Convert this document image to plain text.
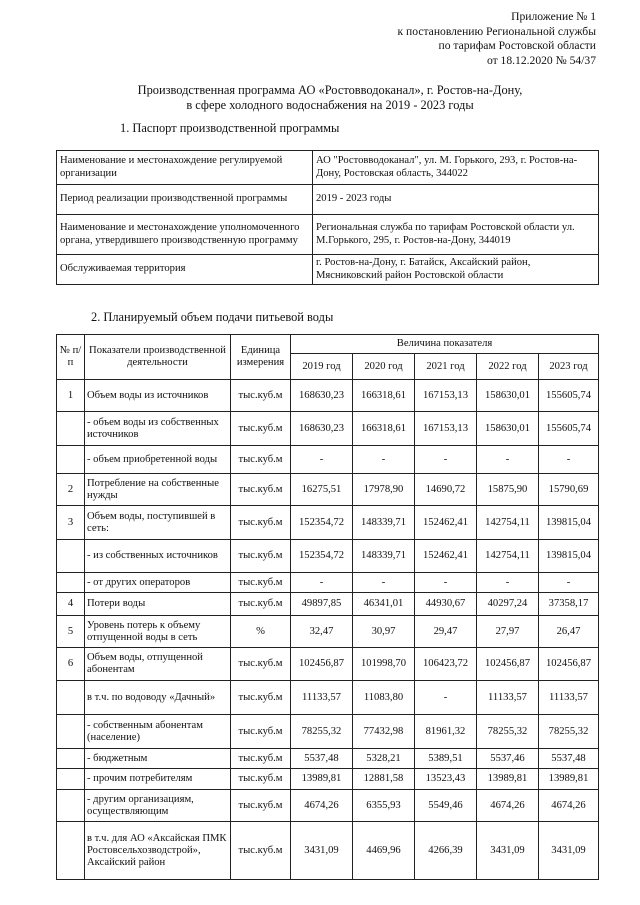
Приложение № 1
к постановлению Региональной службы
по тарифам Ростовской области
от 18.12.2020 № 54/37
Производственная программа АО «Ростовводоканал», г. Ростов-на-Дону,
в сфере холодного водоснабжения на 2019 - 2023 годы
1. Паспорт производственной программы
Наименование и местонахождение регулируемой организации	АО "Ростовводоканал", ул. М. Горького, 293, г. Ростов-на-Дону, Ростовская область, 344022
Период реализации производственной программы	2019 - 2023 годы
Наименование и местонахождение уполномоченного органа, утвердившего производственную программу	Региональная служба по тарифам Ростовской области ул. М.Горького, 295, г. Ростов-на-Дону, 344019
Обслуживаемая территория	г. Ростов-на-Дону, г. Батайск, Аксайский район, Мясниковский район Ростовской области
2. Планируемый объем подачи питьевой воды
№ п/п	Показатели производственной деятельности	Единица измерения	Величина показателя				
			2019 год	2020 год	2021 год	2022 год	2023 год
1	Объем воды из источников	тыс.куб.м	168630,23	166318,61	167153,13	158630,01	155605,74
	- объем воды из собственных источников	тыс.куб.м	168630,23	166318,61	167153,13	158630,01	155605,74
	- объем приобретенной воды	тыс.куб.м	-	-	-	-	-
2	Потребление на собственные нужды	тыс.куб.м	16275,51	17978,90	14690,72	15875,90	15790,69
3	Объем воды, поступившей в сеть:	тыс.куб.м	152354,72	148339,71	152462,41	142754,11	139815,04
	- из собственных источников	тыс.куб.м	152354,72	148339,71	152462,41	142754,11	139815,04
	- от других операторов	тыс.куб.м	-	-	-	-	-
4	Потери воды	тыс.куб.м	49897,85	46341,01	44930,67	40297,24	37358,17
5	Уровень потерь к объему отпущенной воды в сеть	%	32,47	30,97	29,47	27,97	26,47
6	Объем воды, отпущенной абонентам	тыс.куб.м	102456,87	101998,70	106423,72	102456,87	102456,87
	в т.ч. по водоводу «Дачный»	тыс.куб.м	11133,57	11083,80	-	11133,57	11133,57
	- собственным абонентам (население)	тыс.куб.м	78255,32	77432,98	81961,32	78255,32	78255,32
	- бюджетным	тыс.куб.м	5537,48	5328,21	5389,51	5537,46	5537,48
	- прочим потребителям	тыс.куб.м	13989,81	12881,58	13523,43	13989,81	13989,81
	- другим организациям, осуществляющим	тыс.куб.м	4674,26	6355,93	5549,46	4674,26	4674,26
	в т.ч. для АО «Аксайская ПМК Ростовсельхозводстрой», Аксайский район	тыс.куб.м	3431,09	4469,96	4266,39	3431,09	3431,09
